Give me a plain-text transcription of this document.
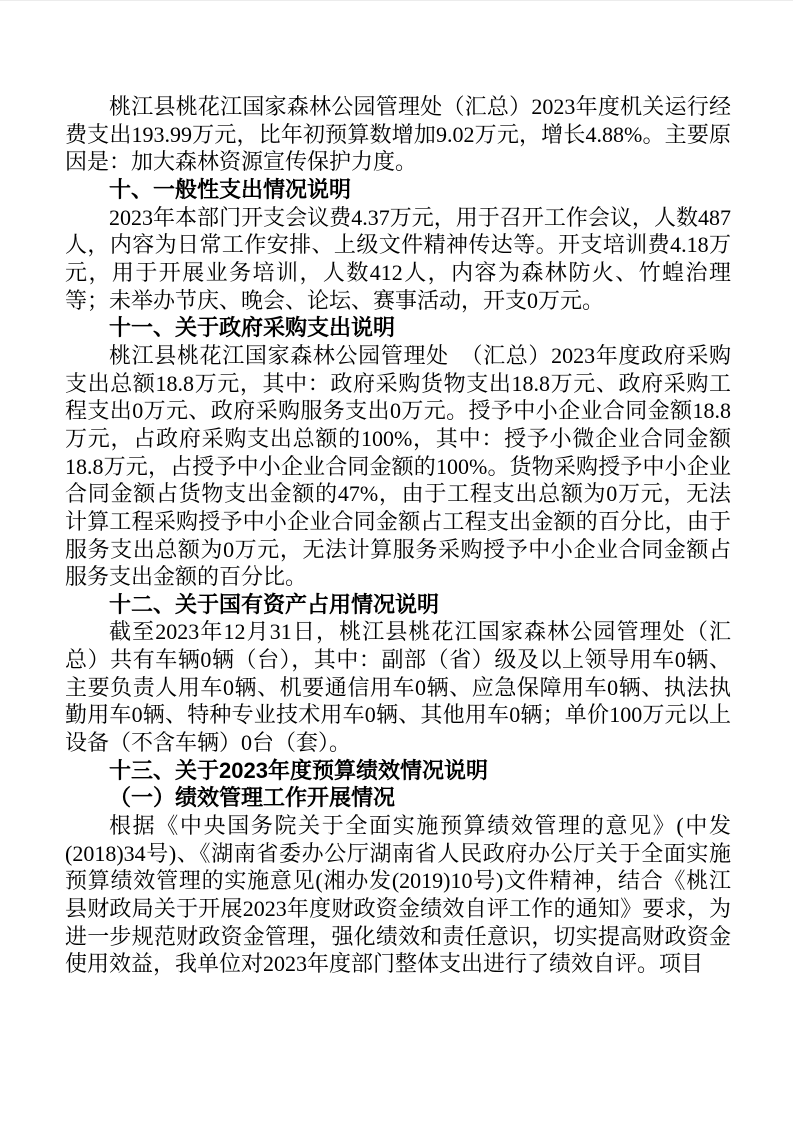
桃江县桃花江国家森林公园管理处（汇总）2023年度机关运行经费支出193.99万元，比年初预算数增加9.02万元，增长4.88%。主要原因是：加大森林资源宣传保护力度。

十、一般性支出情况说明

2023年本部门开支会议费4.37万元，用于召开工作会议，人数487人，内容为日常工作安排、上级文件精神传达等。开支培训费4.18万元，用于开展业务培训，人数412人，内容为森林防火、竹蝗治理等；未举办节庆、晚会、论坛、赛事活动，开支0万元。

十一、关于政府采购支出说明

桃江县桃花江国家森林公园管理处　（汇总）2023年度政府采购支出总额18.8万元，其中：政府采购货物支出18.8万元、政府采购工程支出0万元、政府采购服务支出0万元。授予中小企业合同金额18.8万元，占政府采购支出总额的100%，其中：授予小微企业合同金额18.8万元，占授予中小企业合同金额的100%。货物采购授予中小企业合同金额占货物支出金额的47%，由于工程支出总额为0万元，无法计算工程采购授予中小企业合同金额占工程支出金额的百分比，由于服务支出总额为0万元，无法计算服务采购授予中小企业合同金额占服务支出金额的百分比。

十二、关于国有资产占用情况说明

截至2023年12月31日，桃江县桃花江国家森林公园管理处（汇总）共有车辆0辆（台），其中：副部（省）级及以上领导用车0辆、主要负责人用车0辆、机要通信用车0辆、应急保障用车0辆、执法执勤用车0辆、特种专业技术用车0辆、其他用车0辆；单价100万元以上设备（不含车辆）0台（套）。

十三、关于2023年度预算绩效情况说明
（一）绩效管理工作开展情况

根据《中央国务院关于全面实施预算绩效管理的意见》(中发(2018)34号)、《湖南省委办公厅湖南省人民政府办公厅关于全面实施预算绩效管理的实施意见(湘办发(2019)10号)文件精神，结合《桃江县财政局关于开展2023年度财政资金绩效自评工作的通知》要求，为进一步规范财政资金管理，强化绩效和责任意识，切实提高财政资金使用效益，我单位对2023年度部门整体支出进行了绩效自评。项目
